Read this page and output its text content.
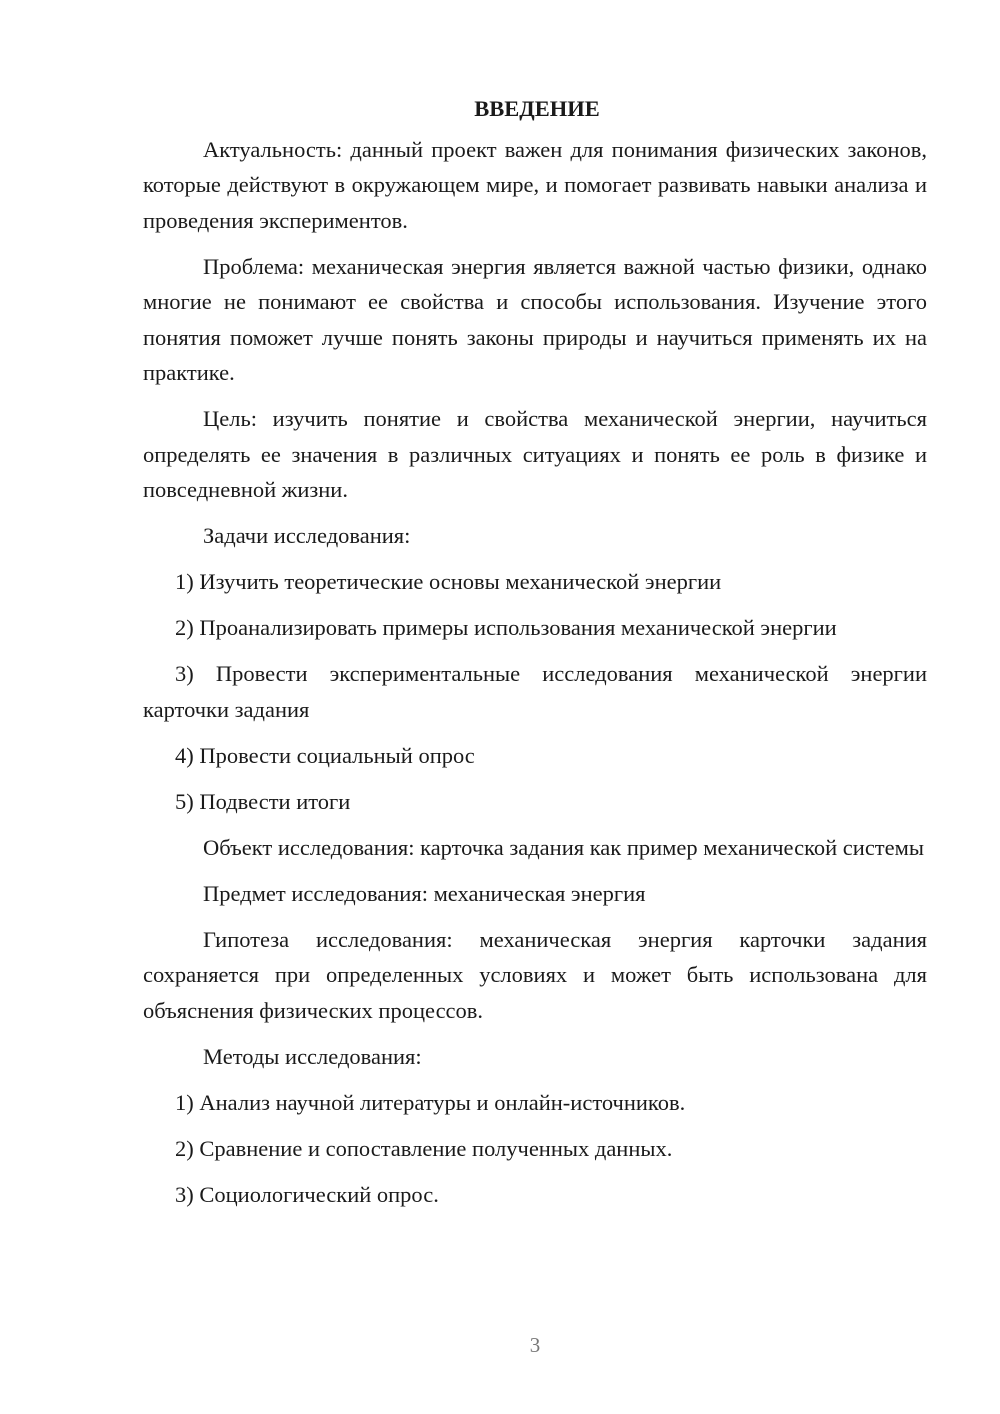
ВВЕДЕНИЕ

Актуальность: данный проект важен для понимания физических законов, которые действуют в окружающем мире, и помогает развивать навыки анализа и проведения экспериментов.

Проблема: механическая энергия является важной частью физики, однако многие не понимают ее свойства и способы использования. Изучение этого понятия поможет лучше понять законы природы и научиться применять их на практике.

Цель: изучить понятие и свойства механической энергии, научиться определять ее значения в различных ситуациях и понять ее роль в физике и повседневной жизни.

Задачи исследования:

1) Изучить теоретические основы механической энергии

2) Проанализировать примеры использования механической энергии

3) Провести экспериментальные исследования механической энергии карточки задания

4) Провести социальный опрос

5) Подвести итоги

Объект исследования: карточка задания как пример механической системы

Предмет исследования: механическая энергия

Гипотеза исследования: механическая энергия карточки задания сохраняется при определенных условиях и может быть использована для объяснения физических процессов.

Методы исследования:

1) Анализ научной литературы и онлайн-источников.

2) Сравнение и сопоставление полученных данных.

3) Социологический опрос.

3
